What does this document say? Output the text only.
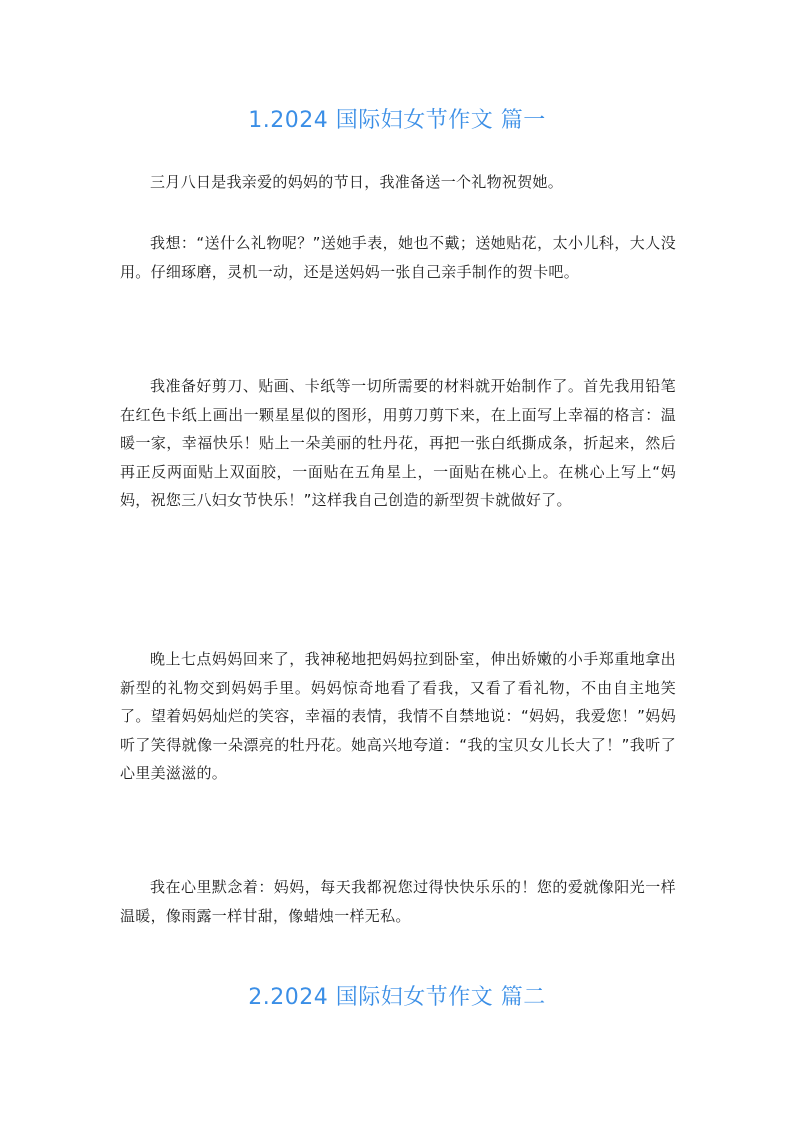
1.2024 国际妇女节作文 篇一

三月八日是我亲爱的妈妈的节日，我准备送一个礼物祝贺她。

我想：“送什么礼物呢？”送她手表，她也不戴；送她贴花，太小儿科，大人没用。仔细琢磨，灵机一动，还是送妈妈一张自己亲手制作的贺卡吧。

我准备好剪刀、贴画、卡纸等一切所需要的材料就开始制作了。首先我用铅笔在红色卡纸上画出一颗星星似的图形，用剪刀剪下来，在上面写上幸福的格言：温暖一家，幸福快乐！贴上一朵美丽的牡丹花，再把一张白纸撕成条，折起来，然后再正反两面贴上双面胶，一面贴在五角星上，一面贴在桃心上。在桃心上写上“妈妈，祝您三八妇女节快乐！”这样我自己创造的新型贺卡就做好了。

晚上七点妈妈回来了，我神秘地把妈妈拉到卧室，伸出娇嫩的小手郑重地拿出新型的礼物交到妈妈手里。妈妈惊奇地看了看我，又看了看礼物，不由自主地笑了。望着妈妈灿烂的笑容，幸福的表情，我情不自禁地说：“妈妈，我爱您！”妈妈听了笑得就像一朵漂亮的牡丹花。她高兴地夸道：“我的宝贝女儿长大了！”我听了心里美滋滋的。

我在心里默念着：妈妈，每天我都祝您过得快快乐乐的！您的爱就像阳光一样温暖，像雨露一样甘甜，像蜡烛一样无私。

2.2024 国际妇女节作文 篇二
